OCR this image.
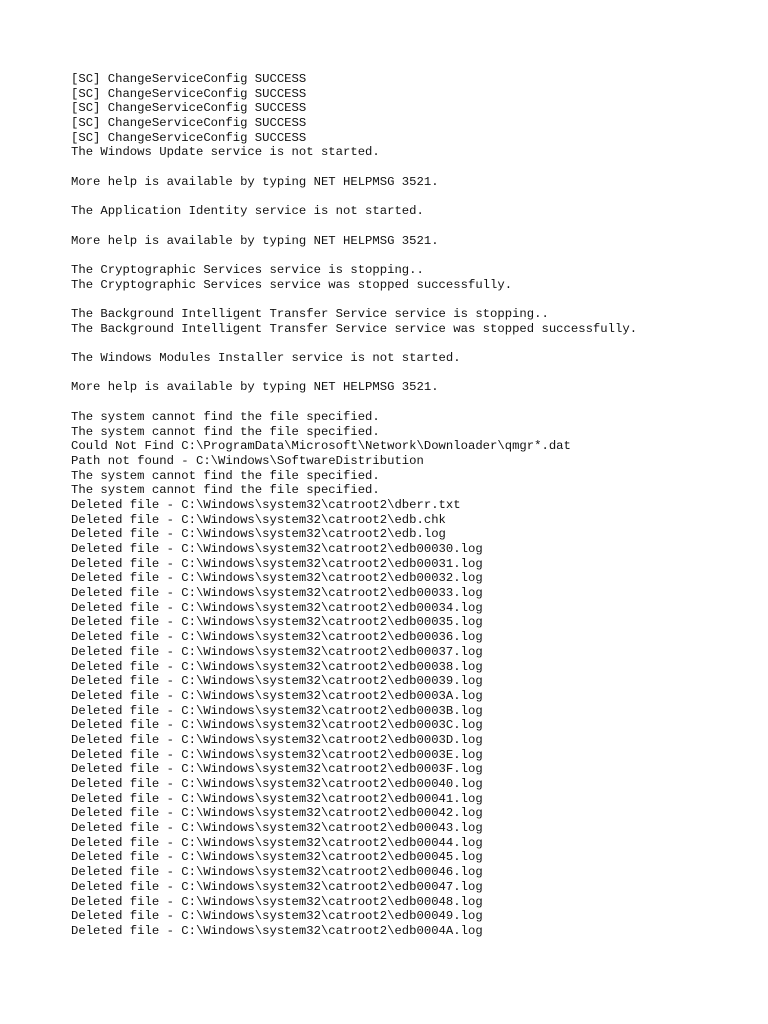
[SC] ChangeServiceConfig SUCCESS
[SC] ChangeServiceConfig SUCCESS
[SC] ChangeServiceConfig SUCCESS
[SC] ChangeServiceConfig SUCCESS
[SC] ChangeServiceConfig SUCCESS
The Windows Update service is not started.
More help is available by typing NET HELPMSG 3521.
The Application Identity service is not started.
More help is available by typing NET HELPMSG 3521.
The Cryptographic Services service is stopping..
The Cryptographic Services service was stopped successfully.
The Background Intelligent Transfer Service service is stopping..
The Background Intelligent Transfer Service service was stopped successfully.
The Windows Modules Installer service is not started.
More help is available by typing NET HELPMSG 3521.
The system cannot find the file specified.
The system cannot find the file specified.
Could Not Find C:\ProgramData\Microsoft\Network\Downloader\qmgr*.dat
Path not found - C:\Windows\SoftwareDistribution
The system cannot find the file specified.
The system cannot find the file specified.
Deleted file - C:\Windows\system32\catroot2\dberr.txt
Deleted file - C:\Windows\system32\catroot2\edb.chk
Deleted file - C:\Windows\system32\catroot2\edb.log
Deleted file - C:\Windows\system32\catroot2\edb00030.log
Deleted file - C:\Windows\system32\catroot2\edb00031.log
Deleted file - C:\Windows\system32\catroot2\edb00032.log
Deleted file - C:\Windows\system32\catroot2\edb00033.log
Deleted file - C:\Windows\system32\catroot2\edb00034.log
Deleted file - C:\Windows\system32\catroot2\edb00035.log
Deleted file - C:\Windows\system32\catroot2\edb00036.log
Deleted file - C:\Windows\system32\catroot2\edb00037.log
Deleted file - C:\Windows\system32\catroot2\edb00038.log
Deleted file - C:\Windows\system32\catroot2\edb00039.log
Deleted file - C:\Windows\system32\catroot2\edb0003A.log
Deleted file - C:\Windows\system32\catroot2\edb0003B.log
Deleted file - C:\Windows\system32\catroot2\edb0003C.log
Deleted file - C:\Windows\system32\catroot2\edb0003D.log
Deleted file - C:\Windows\system32\catroot2\edb0003E.log
Deleted file - C:\Windows\system32\catroot2\edb0003F.log
Deleted file - C:\Windows\system32\catroot2\edb00040.log
Deleted file - C:\Windows\system32\catroot2\edb00041.log
Deleted file - C:\Windows\system32\catroot2\edb00042.log
Deleted file - C:\Windows\system32\catroot2\edb00043.log
Deleted file - C:\Windows\system32\catroot2\edb00044.log
Deleted file - C:\Windows\system32\catroot2\edb00045.log
Deleted file - C:\Windows\system32\catroot2\edb00046.log
Deleted file - C:\Windows\system32\catroot2\edb00047.log
Deleted file - C:\Windows\system32\catroot2\edb00048.log
Deleted file - C:\Windows\system32\catroot2\edb00049.log
Deleted file - C:\Windows\system32\catroot2\edb0004A.log
